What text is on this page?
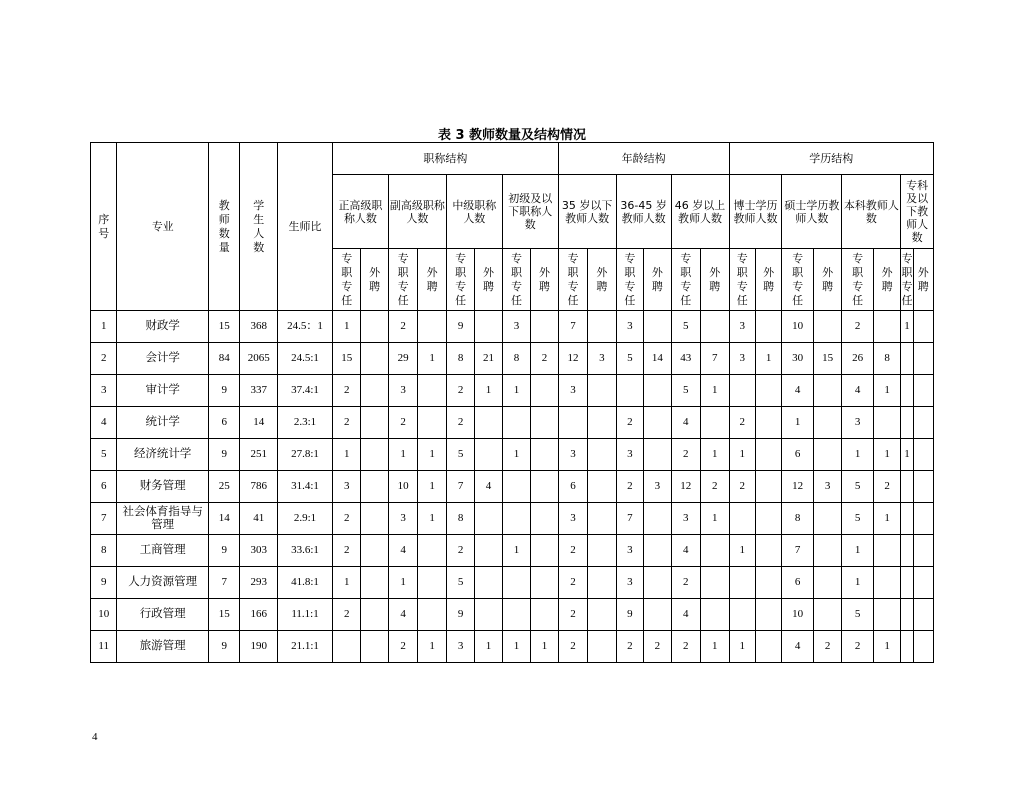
表 3 教师数量及结构情况
序号	专业	教师数量	学生人数	生师比	职称结构								年龄结构						学历结构							
					正高级职称人数		副高级职称人数		中级职称人数		初级及以下职称人数		35 岁以下教师人数		36-45 岁教师人数		46 岁以上教师人数		博士学历教师人数		硕士学历教师人数		本科教师人数		专科及以下教师人数	

					专职专任	外聘	专职专任	外聘	专职专任	外聘	专职专任	外聘	专职专任	外聘	专职专任	外聘	专职专任	外聘	专职专任	外聘	专职专任	外聘	专职专任	外聘	专职专任	外聘

1	财政学	15	368	24.5：1	1		2		9		3		7		3		5		3		10		2		1	
2	会计学	84	2065	24.5:1	15		29	1	8	21	8	2	12	3	5	14	43	7	3	1	30	15	26	8		
3	审计学	9	337	37.4:1	2		3		2	1	1		3				5	1			4		4	1		
4	统计学	6	14	2.3:1	2		2		2						2		4		2		1		3			
5	经济统计学	9	251	27.8:1	1		1	1	5		1		3		3		2	1	1		6		1	1	1	
6	财务管理	25	786	31.4:1	3		10	1	7	4			6		2	3	12	2	2		12	3	5	2		
7	社会体育指导与管理	14	41	2.9:1	2		3	1	8				3		7		3	1			8		5	1		
8	工商管理	9	303	33.6:1	2		4		2		1		2		3		4		1		7		1			
9	人力资源管理	7	293	41.8:1	1		1		5				2		3		2				6		1			
10	行政管理	15	166	11.1:1	2		4		9				2		9		4				10		5			
11	旅游管理	9	190	21.1:1			2	1	3	1	1	1	2		2	2	2	1	1		4	2	2	1		
4
